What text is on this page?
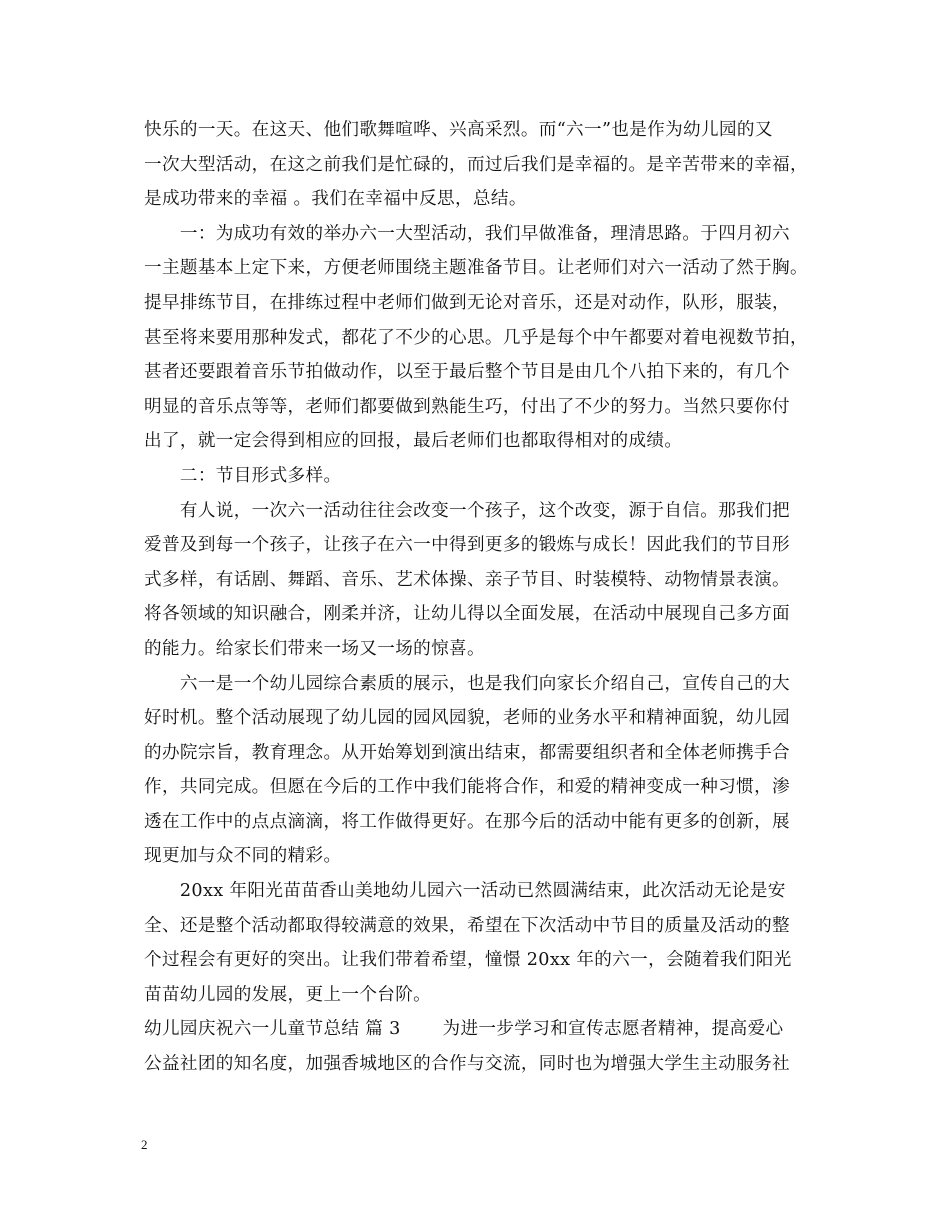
快乐的一天。在这天、他们歌舞喧哗、兴高采烈。而“六一”也是作为幼儿园的又
一次大型活动，在这之前我们是忙碌的，而过后我们是幸福的。是辛苦带来的幸福，
是成功带来的幸福 。我们在幸福中反思，总结。
　　一：为成功有效的举办六一大型活动，我们早做准备，理清思路。于四月初六
一主题基本上定下来，方便老师围绕主题准备节目。让老师们对六一活动了然于胸。
提早排练节目，在排练过程中老师们做到无论对音乐，还是对动作，队形，服装，
甚至将来要用那种发式，都花了不少的心思。几乎是每个中午都要对着电视数节拍，
甚者还要跟着音乐节拍做动作，以至于最后整个节目是由几个八拍下来的，有几个
明显的音乐点等等，老师们都要做到熟能生巧，付出了不少的努力。当然只要你付
出了，就一定会得到相应的回报，最后老师们也都取得相对的成绩。
　　二：节目形式多样。
　　有人说，一次六一活动往往会改变一个孩子，这个改变，源于自信。那我们把
爱普及到每一个孩子，让孩子在六一中得到更多的锻炼与成长！因此我们的节目形
式多样，有话剧、舞蹈、音乐、艺术体操、亲子节目、时装模特、动物情景表演。
将各领域的知识融合，刚柔并济，让幼儿得以全面发展，在活动中展现自己多方面
的能力。给家长们带来一场又一场的惊喜。
　　六一是一个幼儿园综合素质的展示，也是我们向家长介绍自己，宣传自己的大
好时机。整个活动展现了幼儿园的园风园貌，老师的业务水平和精神面貌，幼儿园
的办院宗旨，教育理念。从开始筹划到演出结束，都需要组织者和全体老师携手合
作，共同完成。但愿在今后的工作中我们能将合作，和爱的精神变成一种习惯，渗
透在工作中的点点滴滴，将工作做得更好。在那今后的活动中能有更多的创新，展
现更加与众不同的精彩。
　　20xx 年阳光苗苗香山美地幼儿园六一活动已然圆满结束，此次活动无论是安
全、还是整个活动都取得较满意的效果，希望在下次活动中节目的质量及活动的整
个过程会有更好的突出。让我们带着希望，憧憬 20xx 年的六一，会随着我们阳光
苗苗幼儿园的发展，更上一个台阶。
幼儿园庆祝六一儿童节总结 篇 3　　 为进一步学习和宣传志愿者精神，提高爱心
公益社团的知名度，加强香城地区的合作与交流，同时也为增强大学生主动服务社
2
